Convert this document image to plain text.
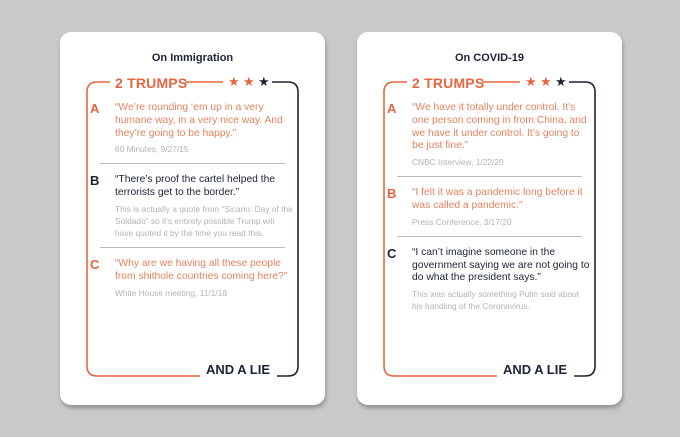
★ ★ ★
On Immigration
2 TRUMPS
A	“We’re rounding ‘em up in a very humane way, in a very nice way. And they’re going to be happy.”
60 Minutes, 9/27/15
B	“There’s proof the cartel helped the terrorists get to the border.”
This is actually a quote from “Sicario: Day of the Soldado” so it’s entirely possible Trump will have quoted it by the time you read this.
C	“Why are we having all these people from shithole countries coming here?”
White House meeting, 11/1/18
AND A LIE
★ ★ ★
On COVID-19
2 TRUMPS
A	“We have it totally under control. It’s one person coming in from China, and we have it under control. It’s going to be just fine.”
CNBC Interview, 1/22/20
B	“I felt it was a pandemic long before it was called a pandemic.”
Press Conference, 3/17/20
C	“I can’t imagine someone in the government saying we are not going to do what the president says.”
This was actually something Putin said about his handling of the Coronavirus.
AND A LIE
